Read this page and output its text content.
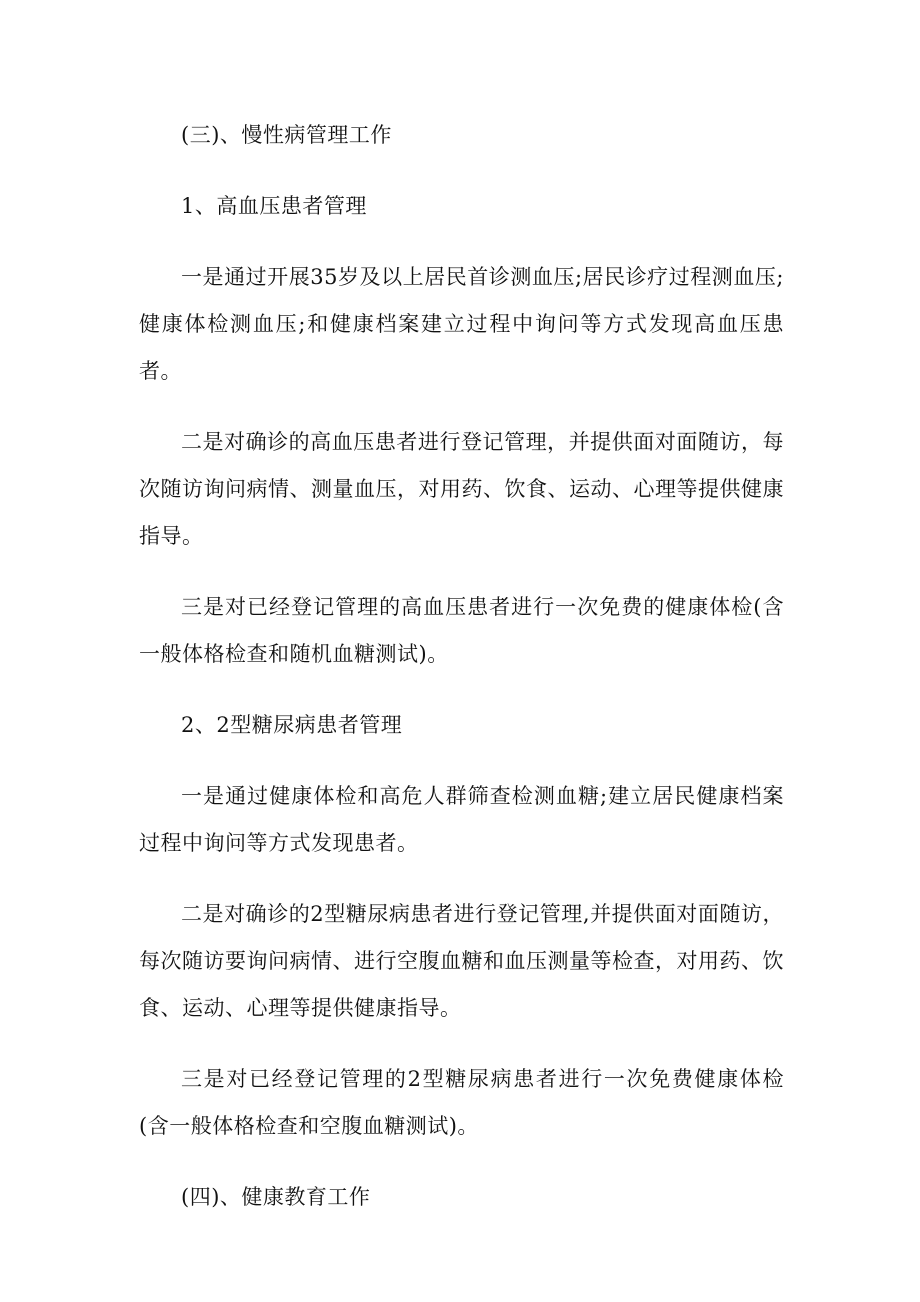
(三)、慢性病管理工作

1、高血压患者管理

一是通过开展35岁及以上居民首诊测血压;居民诊疗过程测血压;健康体检测血压;和健康档案建立过程中询问等方式发现高血压患者。

二是对确诊的高血压患者进行登记管理，并提供面对面随访，每次随访询问病情、测量血压，对用药、饮食、运动、心理等提供健康指导。

三是对已经登记管理的高血压患者进行一次免费的健康体检(含一般体格检查和随机血糖测试)。

2、2型糖尿病患者管理

一是通过健康体检和高危人群筛查检测血糖;建立居民健康档案过程中询问等方式发现患者。

二是对确诊的2型糖尿病患者进行登记管理,并提供面对面随访，每次随访要询问病情、进行空腹血糖和血压测量等检查，对用药、饮食、运动、心理等提供健康指导。

三是对已经登记管理的2型糖尿病患者进行一次免费健康体检(含一般体格检查和空腹血糖测试)。

(四)、健康教育工作
